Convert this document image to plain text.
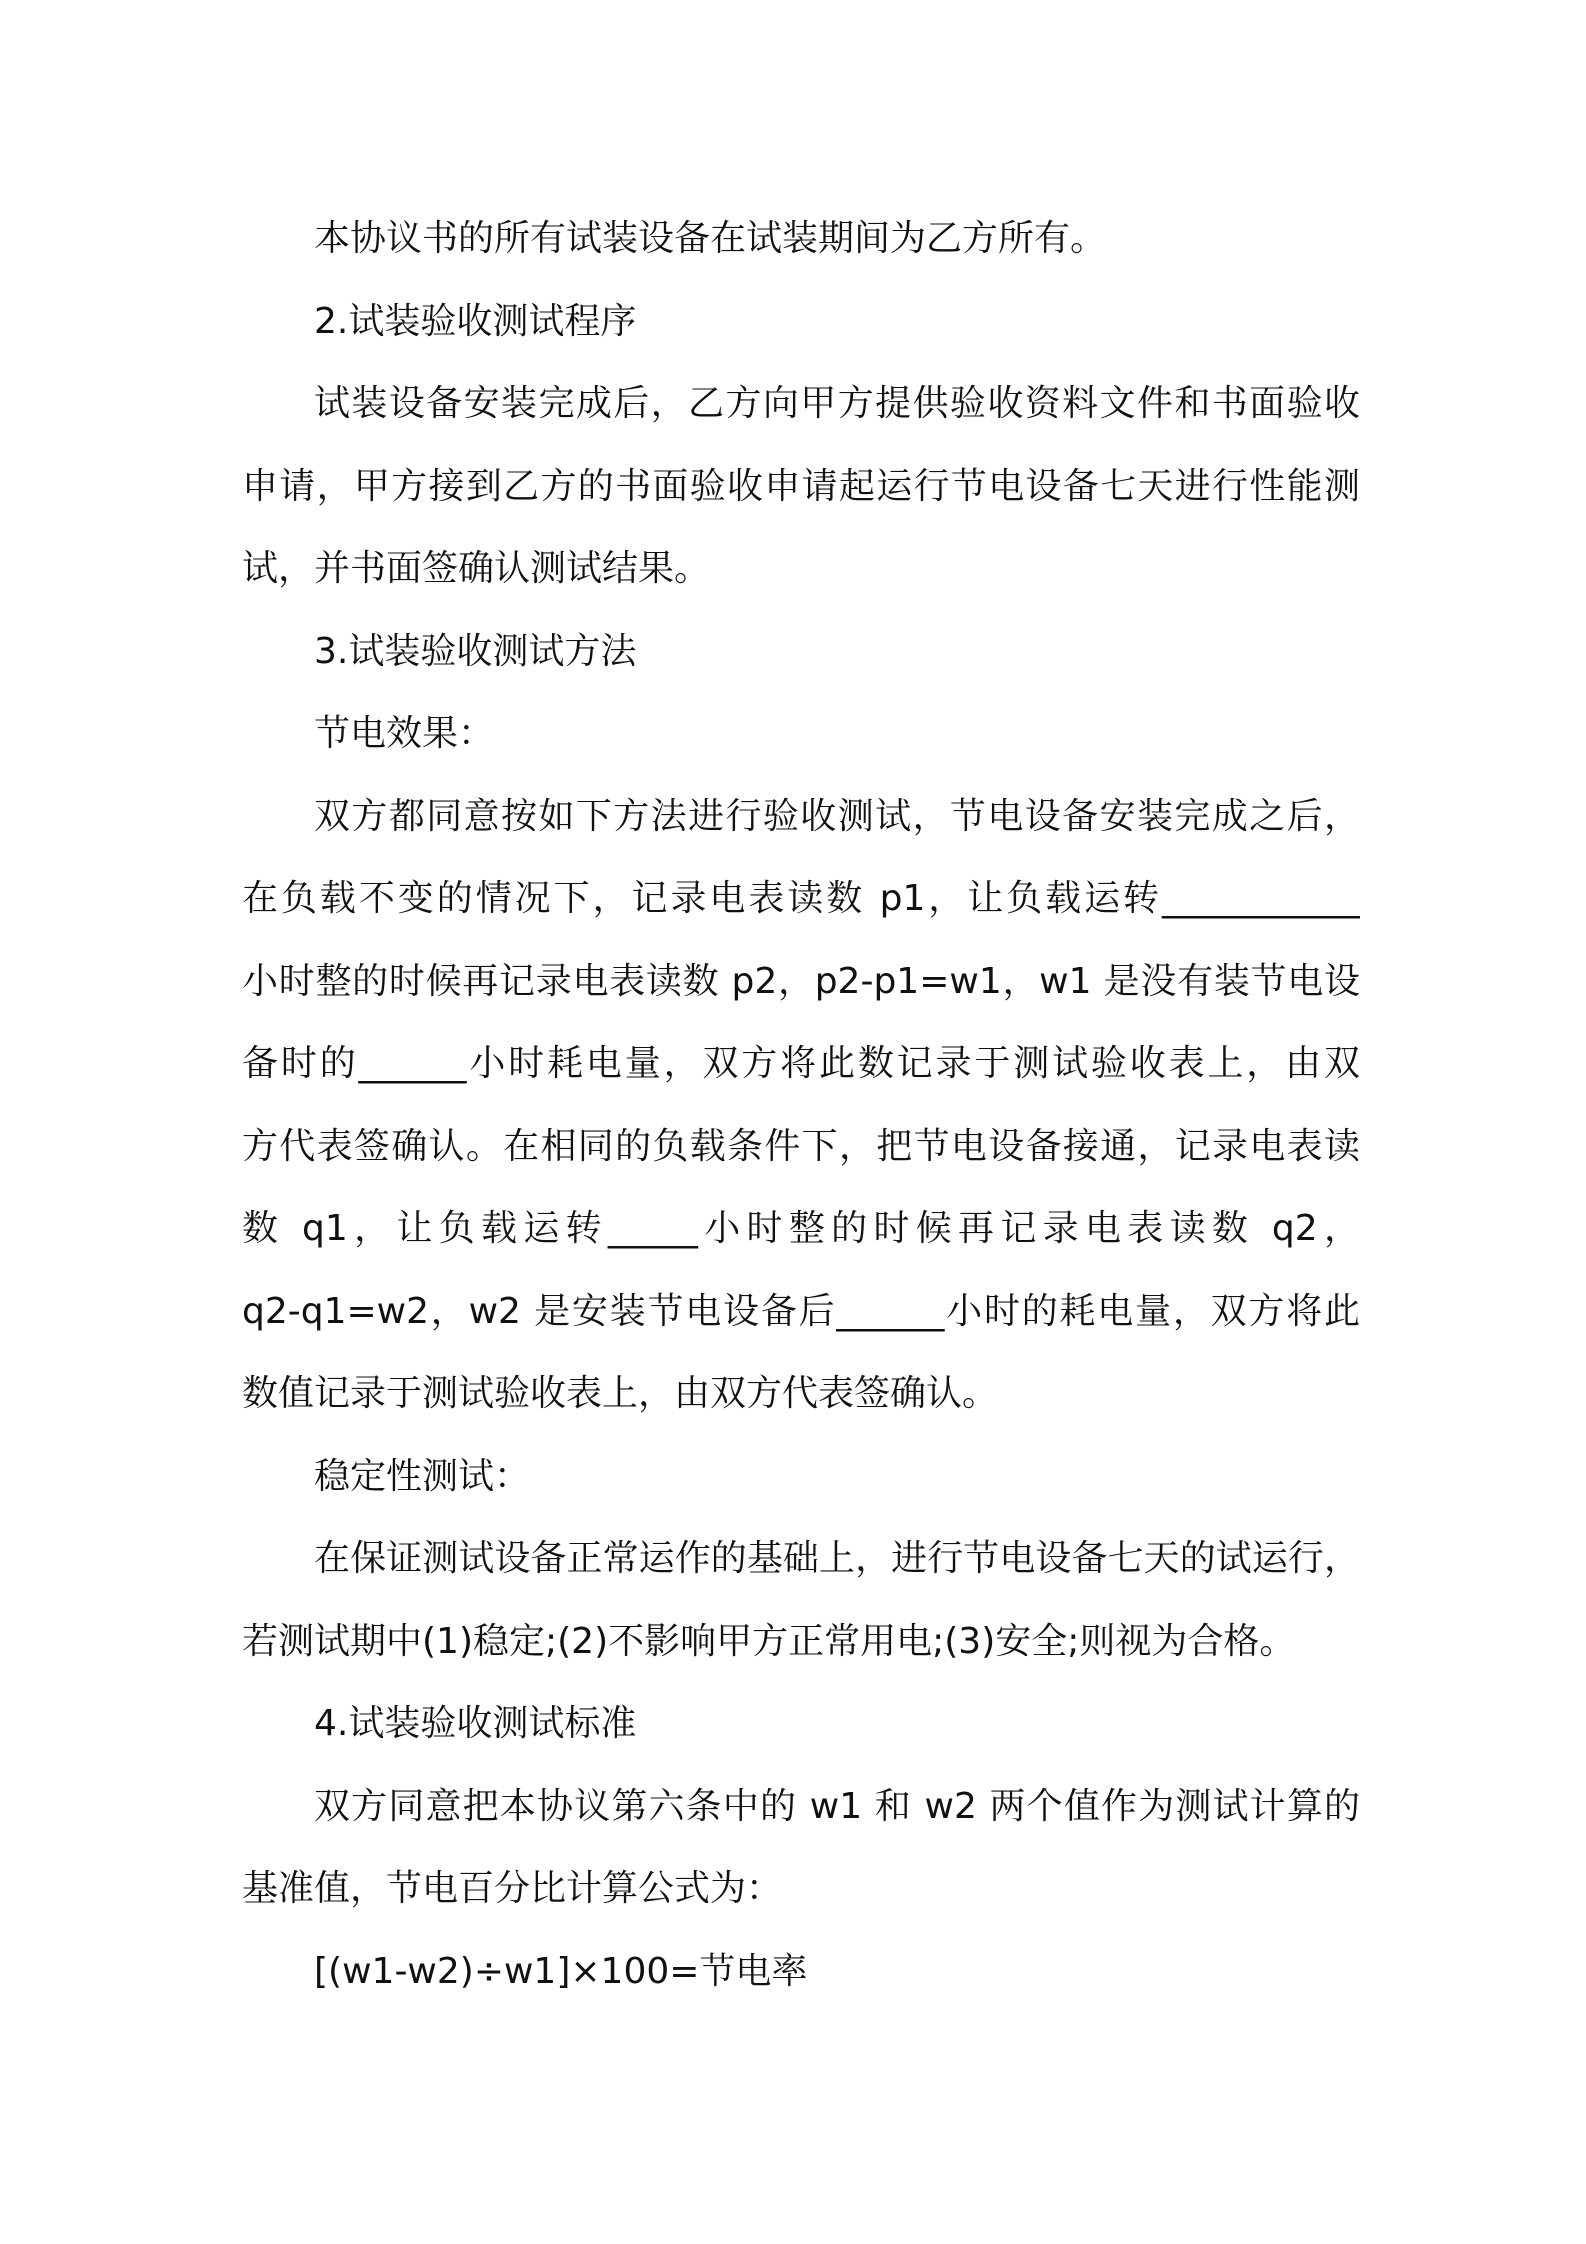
本协议书的所有试装设备在试装期间为乙方所有。
2.试装验收测试程序
试装设备安装完成后，乙方向甲方提供验收资料文件和书面验收
申请，甲方接到乙方的书面验收申请起运行节电设备七天进行性能测
试，并书面签确认测试结果。
3.试装验收测试方法
节电效果：
双方都同意按如下方法进行验收测试，节电设备安装完成之后，
在负载不变的情况下，记录电表读数 p1，让负载运转___________
小时整的时候再记录电表读数 p2，p2-p1=w1，w1 是没有装节电设
备时的______小时耗电量，双方将此数记录于测试验收表上，由双
方代表签确认。在相同的负载条件下，把节电设备接通，记录电表读
数 q1，让负载运转_____小时整的时候再记录电表读数 q2，
q2-q1=w2，w2 是安装节电设备后______小时的耗电量，双方将此
数值记录于测试验收表上，由双方代表签确认。
稳定性测试：
在保证测试设备正常运作的基础上，进行节电设备七天的试运行，
若测试期中(1)稳定;(2)不影响甲方正常用电;(3)安全;则视为合格。
4.试装验收测试标准
双方同意把本协议第六条中的 w1 和 w2 两个值作为测试计算的
基准值，节电百分比计算公式为：
[(w1-w2)÷w1]×100=节电率
